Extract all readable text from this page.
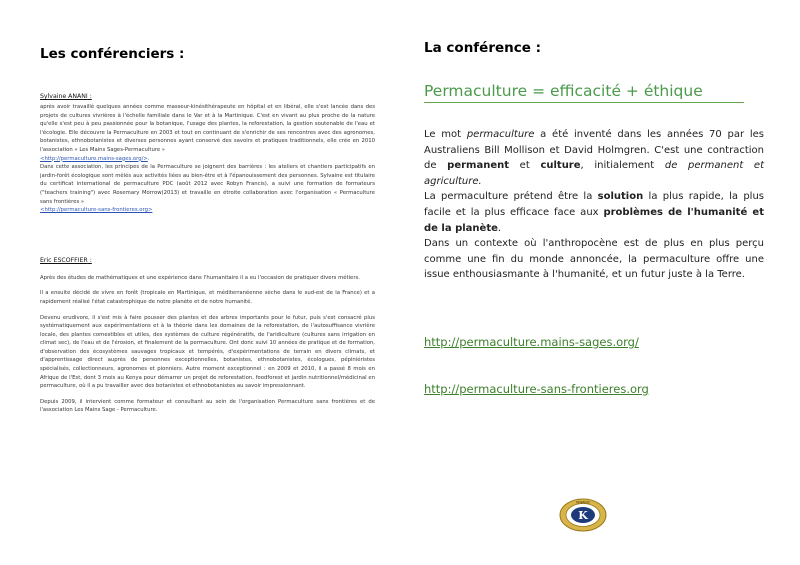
Les conférenciers :

Sylvaine ANANI :

après avoir travaillé quelques années comme masseur-kinésithérapeute en hôpital et en libéral, elle s'est lancée dans des projets de cultures vivrières à l'échelle familiale dans le Var et à la Martinique. C'est en vivant au plus proche de la nature qu'elle s'est peu à peu passionnée pour la botanique, l'usage des plantes, la reforestation, la gestion soutenable de l'eau et l'écologie. Elle découvre la Permaculture en 2003 et tout en continuant de s'enrichir de ses rencontres avec des agronomes, botanistes, ethnobotanistes et diverses personnes ayant conservé des savoirs et pratiques traditionnels, elle crée en 2010 l'association « Les Mains Sages-Permaculture »
<http://permaculture.mains-sages.org/>.

Dans cette association, les principes de la Permaculture se joignent des barrières : les ateliers et chantiers participatifs en jardin-forêt écologique sont mêlés aux activités liées au bien-être et à l'épanouissement des personnes. Sylvaine est titulaire du certificat international de permaculture PDC (août 2012 avec Robyn Francis), a suivi une formation de formateurs ("teachers training") avec Rosemary Morrow(2013) et travaille en étroite collaboration avec l'organisation « Permaculture sans frontières »
<http://permaculture-sans-frontieres.org>

Eric ESCOFFIER :

Après des études de mathématiques et une expérience dans l'humanitaire il a eu l'occasion de pratiquer divers métiers.

Il a ensuite décidé de vivre en forêt (tropicale en Martinique, et méditerranéenne sèche dans le sud-est de la France) et a rapidement réalisé l'état catastrophique de notre planète et de notre humanité.

Devenu erudivore, il s'est mis à faire pousser des plantes et des arbres importants pour le futur, puis s'est consacré plus systématiquement aux expérimentations et à la théorie dans les domaines de la reforestation, de l'autosuffisance vivrière locale, des plantes comestibles et utiles, des systèmes de culture régénératifs, de l'aridiculture (cultures sans irrigation en climat sec), de l'eau et de l'érosion, et finalement de la permaculture. Ont donc suivi 10 années de pratique et de formation, d'observation des écosystèmes sauvages tropicaux et tempérés, d'expérimentations de terrain en divers climats, et d'apprentissage direct auprès de personnes exceptionnelles, botanistes, ethnobotanistes, écologues, pépiniéristes spécialisés, collectionneurs, agronomes et pionniers. Autre moment exceptionnel : en 2009 et 2010, il a passé 8 mois en Afrique de l'Est, dont 3 mois au Kenya pour démarrer un projet de reforestation, foodforest et jardin nutritionnel/médicinal en permaculture, où il a pu travailler avec des botanistes et ethnobotanistes au savoir impressionnant.

Depuis 2009, il intervient comme formateur et consultant au sein de l'organisation Permaculture sans frontières et de l'association Les Mains Sage - Permaculture.

La conférence :

Permaculture = efficacité + éthique

Le mot permaculture a été inventé dans les années 70 par les Australiens Bill Mollison et David Holmgren. C'est une contraction de permanent et culture, initialement de permanent et agriculture.

La permaculture prétend être la solution la plus rapide, la plus facile et la plus efficace face aux problèmes de l'humanité et de la planète.

Dans un contexte où l'anthropocène est de plus en plus perçu comme une fin du monde annoncée, la permaculture offre une issue enthousiasmante à l'humanité, et un futur juste à la Terre.

http://permaculture.mains-sages.org/
http://permaculture-sans-frontieres.org
K
KIWANIS
